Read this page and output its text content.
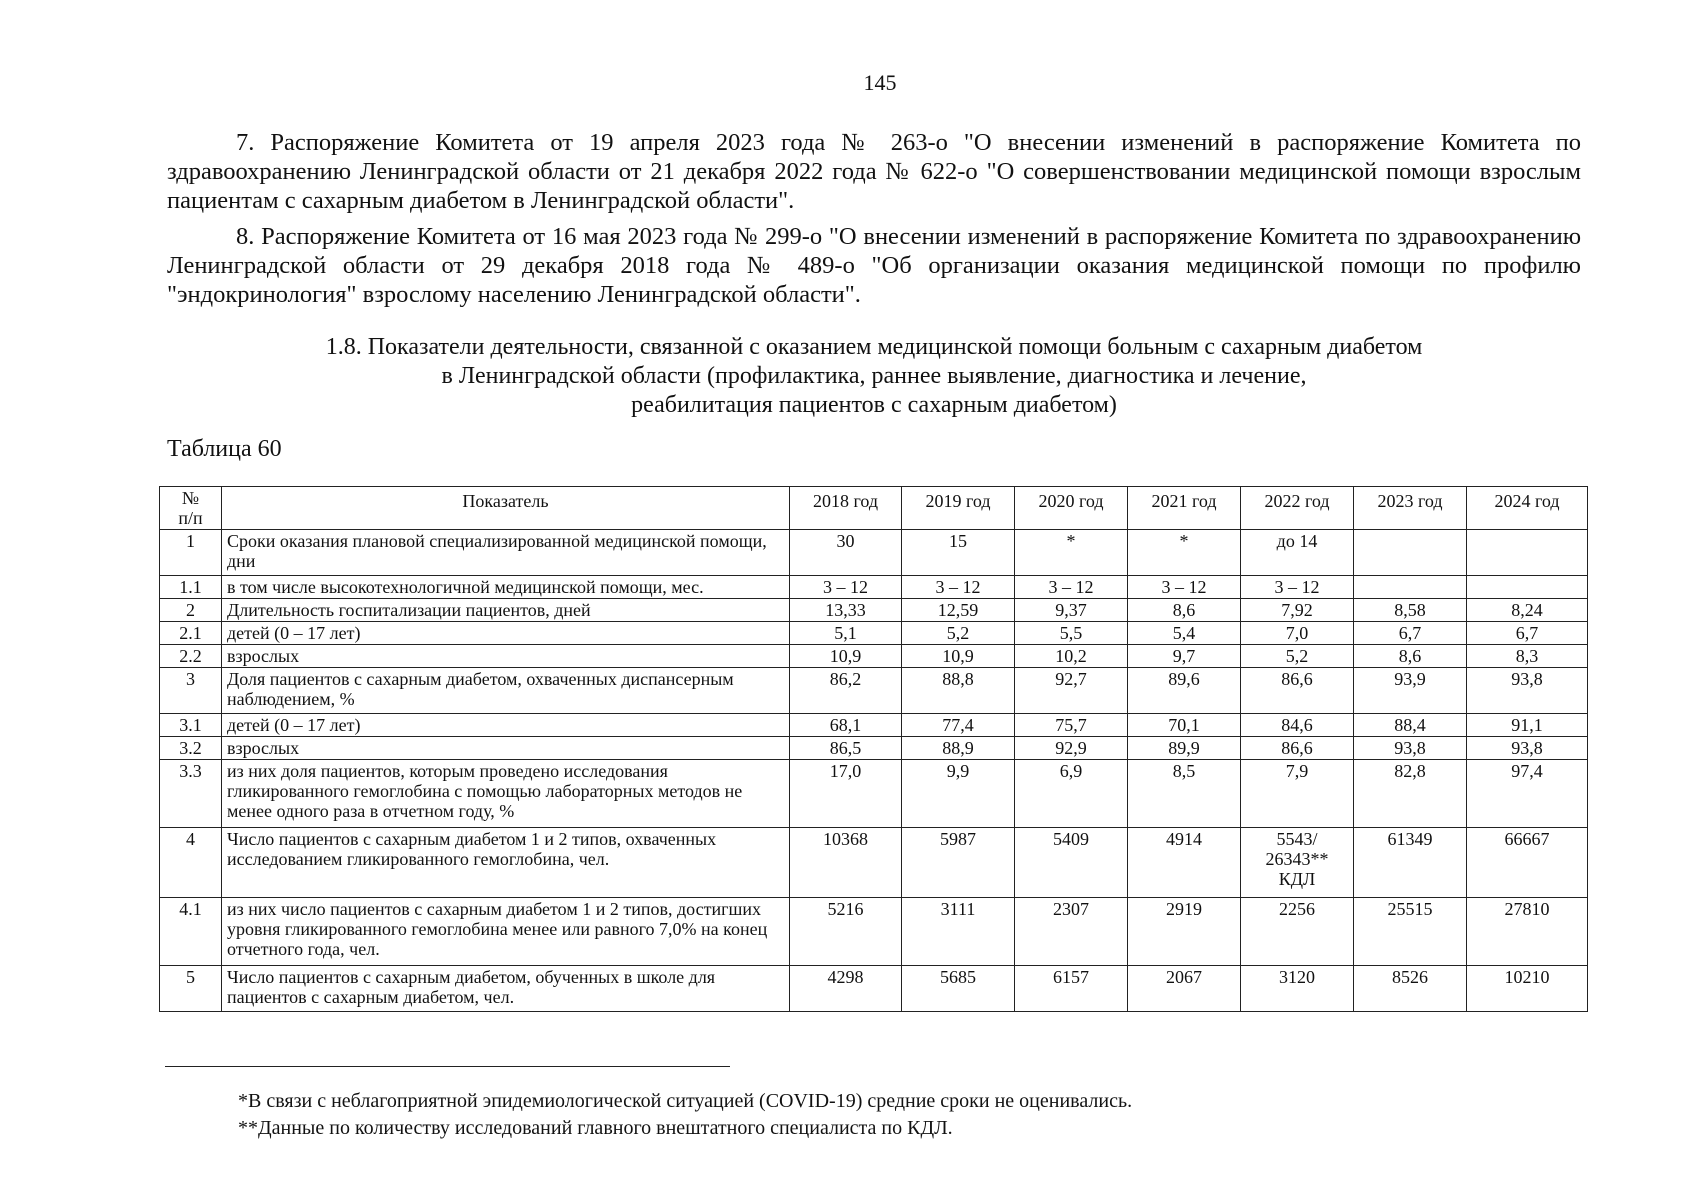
145
7. Распоряжение Комитета от 19 апреля 2023 года № 263-о "О внесении изменений в распоряжение Комитета по здравоохранению Ленинградской области от 21 декабря 2022 года № 622-о "О совершенствовании медицинской помощи взрослым пациентам с сахарным диабетом в Ленинградской области".
8. Распоряжение Комитета от 16 мая 2023 года № 299-о "О внесении изменений в распоряжение Комитета по здравоохранению Ленинградской области от 29 декабря 2018 года № 489-о "Об организации оказания медицинской помощи по профилю "эндокринология" взрослому населению Ленинградской области".
1.8. Показатели деятельности, связанной с оказанием медицинской помощи больным с сахарным диабетом
в Ленинградской области (профилактика, раннее выявление, диагностика и лечение,
реабилитация пациентов с сахарным диабетом)
Таблица 60
№
п/п	Показатель	2018 год	2019 год	2020 год	2021 год	2022 год	2023 год	2024 год
1	Сроки оказания плановой специализированной медицинской помощи, дни	30	15	*	*	до 14		
1.1	в том числе высокотехнологичной медицинской помощи, мес.	3 – 12	3 – 12	3 – 12	3 – 12	3 – 12		
2	Длительность госпитализации пациентов, дней	13,33	12,59	9,37	8,6	7,92	8,58	8,24
2.1	детей (0 – 17 лет)	5,1	5,2	5,5	5,4	7,0	6,7	6,7
2.2	взрослых	10,9	10,9	10,2	9,7	5,2	8,6	8,3
3	Доля пациентов с сахарным диабетом, охваченных диспансерным наблюдением, %	86,2	88,8	92,7	89,6	86,6	93,9	93,8
3.1	детей (0 – 17 лет)	68,1	77,4	75,7	70,1	84,6	88,4	91,1
3.2	взрослых	86,5	88,9	92,9	89,9	86,6	93,8	93,8
3.3	из них доля пациентов, которым проведено исследования гликированного гемоглобина с помощью лабораторных методов не менее одного раза в отчетном году, %	17,0	9,9	6,9	8,5	7,9	82,8	97,4
4	Число пациентов с сахарным диабетом 1 и 2 типов, охваченных исследованием гликированного гемоглобина, чел.	10368	5987	5409	4914	5543/ 26343** КДЛ	61349	66667
4.1	из них число пациентов с сахарным диабетом 1 и 2 типов, достигших уровня гликированного гемоглобина менее или равного 7,0% на конец отчетного года, чел.	5216	3111	2307	2919	2256	25515	27810
5	Число пациентов с сахарным диабетом, обученных в школе для пациентов с сахарным диабетом, чел.	4298	5685	6157	2067	3120	8526	10210
*В связи с неблагоприятной эпидемиологической ситуацией (COVID-19) средние сроки не оценивались.
**Данные по количеству исследований главного внештатного специалиста по КДЛ.
